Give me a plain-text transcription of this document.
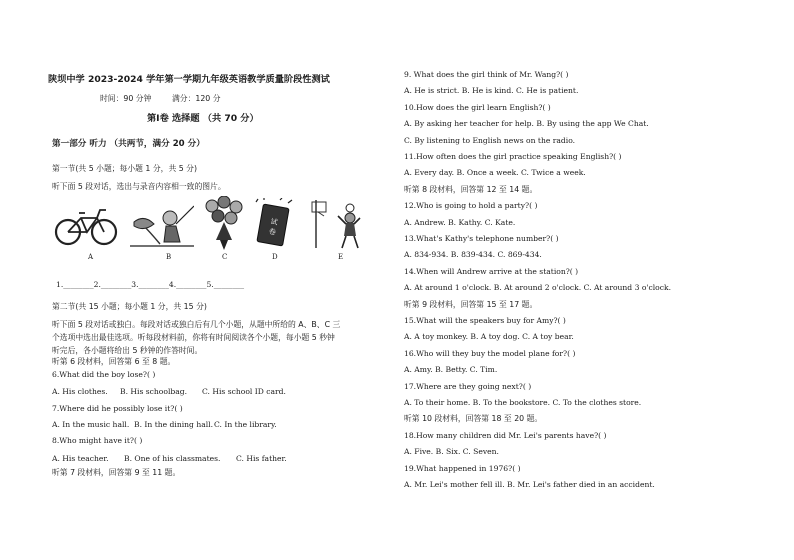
陕坝中学 2023-2024 学年第一学期九年级英语教学质量阶段性测试
时间：90 分钟	满分：120 分
第Ⅰ卷 选择题 （共 70 分）
第一部分 听力 （共两节，满分 20 分）
第一节(共 5 小题；每小题 1 分，共 5 分)
听下面 5 段对话，选出与录音内容相一致的图片。
A	B	C
试
卷
D	E
1.________2.________3.________4.________5.________
第二节(共 15 小题；每小题 1 分，共 15 分)
听下面 5 段对话或独白。每段对话或独白后有几个小题，从题中所给的 A、B、C 三
个选项中选出最佳选项。听每段材料前，你将有时间阅读各个小题，每小题 5 秒钟
听完后，各小题将给出 5 秒钟的作答时间。
听第 6 段材料，回答第 6 至 8 题。
6.What did the boy lose?( )
A. His clothes. B. His schoolbag. C. His school ID card.
7.Where did he possibly lose it?( )
A. In the music hall. B. In the dining hall. C. In the library.
8.Who might have it?( )
A. His teacher. B. One of his classmates. C. His father.
听第 7 段材料，回答第 9 至 11 题。
9. What does the girl think of Mr. Wang?( )
A. He is strict. B. He is kind. C. He is patient.
10.How does the girl learn English?( )
A. By asking her teacher for help. B. By using the app We Chat.
C. By listening to English news on the radio.
11.How often does the girl practice speaking English?( )
A. Every day. B. Once a week. C. Twice a week.
听第 8 段材料，回答第 12 至 14 题。
12.Who is going to hold a party?( )
A. Andrew. B. Kathy. C. Kate.
13.What's Kathy's telephone number?( )
A. 834-934. B. 839-434. C. 869-434.
14.When will Andrew arrive at the station?( )
A. At around 1 o'clock. B. At around 2 o'clock. C. At around 3 o'clock.
听第 9 段材料，回答第 15 至 17 题。
15.What will the speakers buy for Amy?( )
A. A toy monkey. B. A toy dog. C. A toy bear.
16.Who will they buy the model plane for?( )
A. Amy. B. Betty. C. Tim.
17.Where are they going next?( )
A. To their home. B. To the bookstore. C. To the clothes store.
听第 10 段材料，回答第 18 至 20 题。
18.How many children did Mr. Lei's parents have?( )
A. Five. B. Six. C. Seven.
19.What happened in 1976?( )
A. Mr. Lei's mother fell ill. B. Mr. Lei's father died in an accident.
